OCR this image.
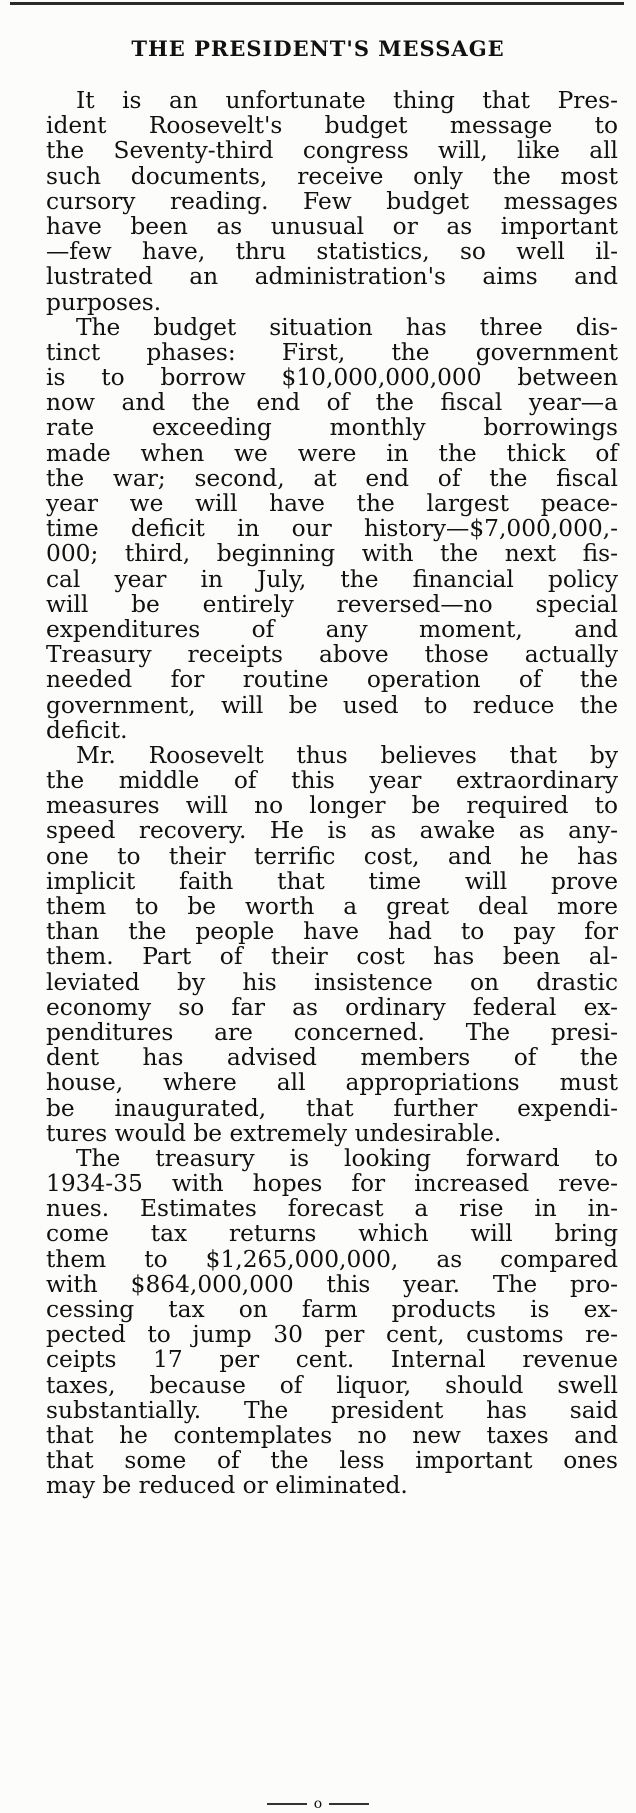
THE PRESIDENT'S MESSAGE
It is an unfortunate thing that Pres-
ident Roosevelt's budget message to
the Seventy-third congress will, like all
such documents, receive only the most
cursory reading. Few budget messages
have been as unusual or as important
—few have, thru statistics, so well il-
lustrated an administration's aims and
purposes.
The budget situation has three dis-
tinct phases: First, the government
is to borrow $10,000,000,000 between
now and the end of the fiscal year—a
rate exceeding monthly borrowings
made when we were in the thick of
the war; second, at end of the fiscal
year we will have the largest peace-
time deficit in our history—$7,000,000,-
000; third, beginning with the next fis-
cal year in July, the financial policy
will be entirely reversed—no special
expenditures of any moment, and
Treasury receipts above those actually
needed for routine operation of the
government, will be used to reduce the
deficit.
Mr. Roosevelt thus believes that by
the middle of this year extraordinary
measures will no longer be required to
speed recovery. He is as awake as any-
one to their terrific cost, and he has
implicit faith that time will prove
them to be worth a great deal more
than the people have had to pay for
them. Part of their cost has been al-
leviated by his insistence on drastic
economy so far as ordinary federal ex-
penditures are concerned. The presi-
dent has advised members of the
house, where all appropriations must
be inaugurated, that further expendi-
tures would be extremely undesirable.
The treasury is looking forward to
1934-35 with hopes for increased reve-
nues. Estimates forecast a rise in in-
come tax returns which will bring
them to $1,265,000,000, as compared
with $864,000,000 this year. The pro-
cessing tax on farm products is ex-
pected to jump 30 per cent, customs re-
ceipts 17 per cent. Internal revenue
taxes, because of liquor, should swell
substantially. The president has said
that he contemplates no new taxes and
that some of the less important ones
may be reduced or eliminated.
o
